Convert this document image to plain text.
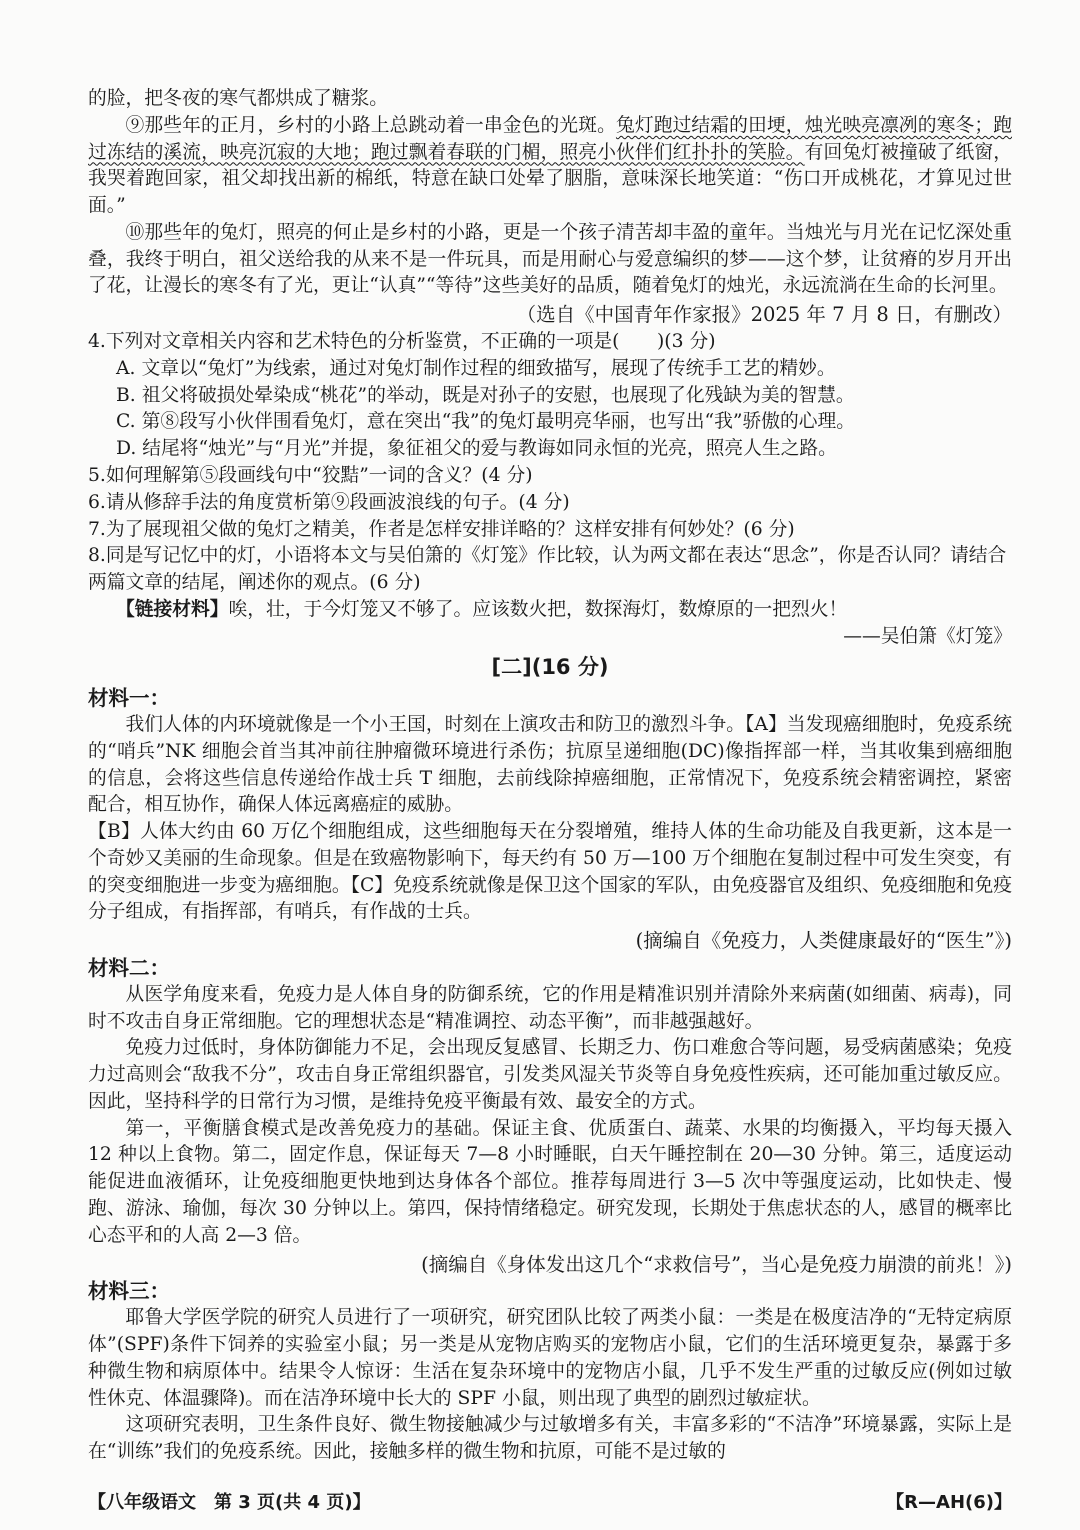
的脸，把冬夜的寒气都烘成了糖浆。

⑨那些年的正月，乡村的小路上总跳动着一串金色的光斑。兔灯跑过结霜的田埂，烛光映亮凛冽的寒冬；跑过冻结的溪流，映亮沉寂的大地；跑过飘着春联的门楣，照亮小伙伴们红扑扑的笑脸。有回兔灯被撞破了纸窗，我哭着跑回家，祖父却找出新的棉纸，特意在缺口处晕了胭脂，意味深长地笑道：“伤口开成桃花，才算见过世面。”

⑩那些年的兔灯，照亮的何止是乡村的小路，更是一个孩子清苦却丰盈的童年。当烛光与月光在记忆深处重叠，我终于明白，祖父送给我的从来不是一件玩具，而是用耐心与爱意编织的梦——这个梦，让贫瘠的岁月开出了花，让漫长的寒冬有了光，更让“认真”“等待”这些美好的品质，随着兔灯的烛光，永远流淌在生命的长河里。

（选自《中国青年作家报》2025 年 7 月 8 日，有删改）

4.下列对文章相关内容和艺术特色的分析鉴赏，不正确的一项是(　　)(3 分)

A. 文章以“兔灯”为线索，通过对兔灯制作过程的细致描写，展现了传统手工艺的精妙。

B. 祖父将破损处晕染成“桃花”的举动，既是对孙子的安慰，也展现了化残缺为美的智慧。

C. 第⑧段写小伙伴围看兔灯，意在突出“我”的兔灯最明亮华丽，也写出“我”骄傲的心理。

D. 结尾将“烛光”与“月光”并提，象征祖父的爱与教诲如同永恒的光亮，照亮人生之路。

5.如何理解第⑤段画线句中“狡黠”一词的含义？(4 分)

6.请从修辞手法的角度赏析第⑨段画波浪线的句子。(4 分)

7.为了展现祖父做的兔灯之精美，作者是怎样安排详略的？这样安排有何妙处？(6 分)

8.同是写记忆中的灯，小语将本文与吴伯箫的《灯笼》作比较，认为两文都在表达“思念”，你是否认同？请结合两篇文章的结尾，阐述你的观点。(6 分)

【链接材料】唉，壮，于今灯笼又不够了。应该数火把，数探海灯，数燎原的一把烈火！

——吴伯箫《灯笼》

[二](16 分)

材料一：

我们人体的内环境就像是一个小王国，时刻在上演攻击和防卫的激烈斗争。【A】当发现癌细胞时，免疫系统的“哨兵”NK 细胞会首当其冲前往肿瘤微环境进行杀伤；抗原呈递细胞(DC)像指挥部一样，当其收集到癌细胞的信息，会将这些信息传递给作战士兵 T 细胞，去前线除掉癌细胞，正常情况下，免疫系统会精密调控，紧密配合，相互协作，确保人体远离癌症的威胁。

【B】人体大约由 60 万亿个细胞组成，这些细胞每天在分裂增殖，维持人体的生命功能及自我更新，这本是一个奇妙又美丽的生命现象。但是在致癌物影响下，每天约有 50 万—100 万个细胞在复制过程中可发生突变，有的突变细胞进一步变为癌细胞。【C】免疫系统就像是保卫这个国家的军队，由免疫器官及组织、免疫细胞和免疫分子组成，有指挥部，有哨兵，有作战的士兵。

(摘编自《免疫力，人类健康最好的“医生”》)

材料二：

从医学角度来看，免疫力是人体自身的防御系统，它的作用是精准识别并清除外来病菌(如细菌、病毒)，同时不攻击自身正常细胞。它的理想状态是“精准调控、动态平衡”，而非越强越好。

免疫力过低时，身体防御能力不足，会出现反复感冒、长期乏力、伤口难愈合等问题，易受病菌感染；免疫力过高则会“敌我不分”，攻击自身正常组织器官，引发类风湿关节炎等自身免疫性疾病，还可能加重过敏反应。因此，坚持科学的日常行为习惯，是维持免疫平衡最有效、最安全的方式。

第一，平衡膳食模式是改善免疫力的基础。保证主食、优质蛋白、蔬菜、水果的均衡摄入，平均每天摄入 12 种以上食物。第二，固定作息，保证每天 7—8 小时睡眠，白天午睡控制在 20—30 分钟。第三，适度运动能促进血液循环，让免疫细胞更快地到达身体各个部位。推荐每周进行 3—5 次中等强度运动，比如快走、慢跑、游泳、瑜伽，每次 30 分钟以上。第四，保持情绪稳定。研究发现，长期处于焦虑状态的人，感冒的概率比心态平和的人高 2—3 倍。

(摘编自《身体发出这几个“求救信号”，当心是免疫力崩溃的前兆！》)

材料三：

耶鲁大学医学院的研究人员进行了一项研究，研究团队比较了两类小鼠：一类是在极度洁净的“无特定病原体”(SPF)条件下饲养的实验室小鼠；另一类是从宠物店购买的宠物店小鼠，它们的生活环境更复杂，暴露于多种微生物和病原体中。结果令人惊讶：生活在复杂环境中的宠物店小鼠，几乎不发生严重的过敏反应(例如过敏性休克、体温骤降)。而在洁净环境中长大的 SPF 小鼠，则出现了典型的剧烈过敏症状。

这项研究表明，卫生条件良好、微生物接触减少与过敏增多有关，丰富多彩的“不洁净”环境暴露，实际上是在“训练”我们的免疫系统。因此，接触多样的微生物和抗原，可能不是过敏的

【八年级语文　第 3 页(共 4 页)】	【R—AH(6)】
